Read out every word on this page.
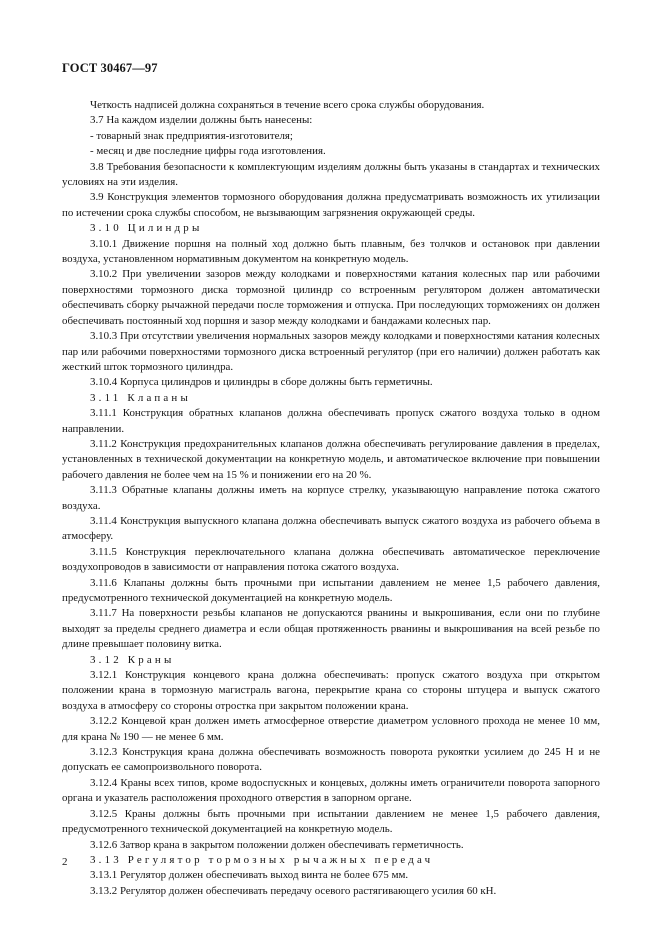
ГОСТ 30467—97

Четкость надписей должна сохраняться в течение всего срока службы оборудования.

3.7 На каждом изделии должны быть нанесены:

- товарный знак предприятия-изготовителя;

- месяц и две последние цифры года изготовления.

3.8 Требования безопасности к комплектующим изделиям должны быть указаны в стандартах и технических условиях на эти изделия.

3.9 Конструкция элементов тормозного оборудования должна предусматривать возможность их утилизации по истечении срока службы способом, не вызывающим загрязнения окружающей среды.

3.10 Цилиндры

3.10.1 Движение поршня на полный ход должно быть плавным, без толчков и остановок при давлении воздуха, установленном нормативным документом на конкретную модель.

3.10.2 При увеличении зазоров между колодками и поверхностями катания колесных пар или рабочими поверхностями тормозного диска тормозной цилиндр со встроенным регулятором должен автоматически обеспечивать сборку рычажной передачи после торможения и отпуска. При последующих торможениях он должен обеспечивать постоянный ход поршня и зазор между колодками и бандажами колесных пар.

3.10.3 При отсутствии увеличения нормальных зазоров между колодками и поверхностями катания колесных пар или рабочими поверхностями тормозного диска встроенный регулятор (при его наличии) должен работать как жесткий шток тормозного цилиндра.

3.10.4 Корпуса цилиндров и цилиндры в сборе должны быть герметичны.

3.11 Клапаны

3.11.1 Конструкция обратных клапанов должна обеспечивать пропуск сжатого воздуха только в одном направлении.

3.11.2 Конструкция предохранительных клапанов должна обеспечивать регулирование давления в пределах, установленных в технической документации на конкретную модель, и автоматическое включение при повышении рабочего давления не более чем на 15 % и понижении его на 20 %.

3.11.3 Обратные клапаны должны иметь на корпусе стрелку, указывающую направление потока сжатого воздуха.

3.11.4 Конструкция выпускного клапана должна обеспечивать выпуск сжатого воздуха из рабочего объема в атмосферу.

3.11.5 Конструкция переключательного клапана должна обеспечивать автоматическое переключение воздухопроводов в зависимости от направления потока сжатого воздуха.

3.11.6 Клапаны должны быть прочными при испытании давлением не менее 1,5 рабочего давления, предусмотренного технической документацией на конкретную модель.

3.11.7 На поверхности резьбы клапанов не допускаются рванины и выкрошивания, если они по глубине выходят за пределы среднего диаметра и если общая протяженность рванины и выкрошивания на всей резьбе по длине превышает половину витка.

3.12 Краны

3.12.1 Конструкция концевого крана должна обеспечивать: пропуск сжатого воздуха при открытом положении крана в тормозную магистраль вагона, перекрытие крана со стороны штуцера и выпуск сжатого воздуха в атмосферу со стороны отростка при закрытом положении крана.

3.12.2 Концевой кран должен иметь атмосферное отверстие диаметром условного прохода не менее 10 мм, для крана № 190 — не менее 6 мм.

3.12.3 Конструкция крана должна обеспечивать возможность поворота рукоятки усилием до 245 Н и не допускать ее самопроизвольного поворота.

3.12.4 Краны всех типов, кроме водоспускных и концевых, должны иметь ограничители поворота запорного органа и указатель расположения проходного отверстия в запорном органе.

3.12.5 Краны должны быть прочными при испытании давлением не менее 1,5 рабочего давления, предусмотренного технической документацией на конкретную модель.

3.12.6 Затвор крана в закрытом положении должен обеспечивать герметичность.

3.13 Регулятор тормозных рычажных передач

3.13.1 Регулятор должен обеспечивать выход винта не более 675 мм.

3.13.2 Регулятор должен обеспечивать передачу осевого растягивающего усилия 60 кН.

2
